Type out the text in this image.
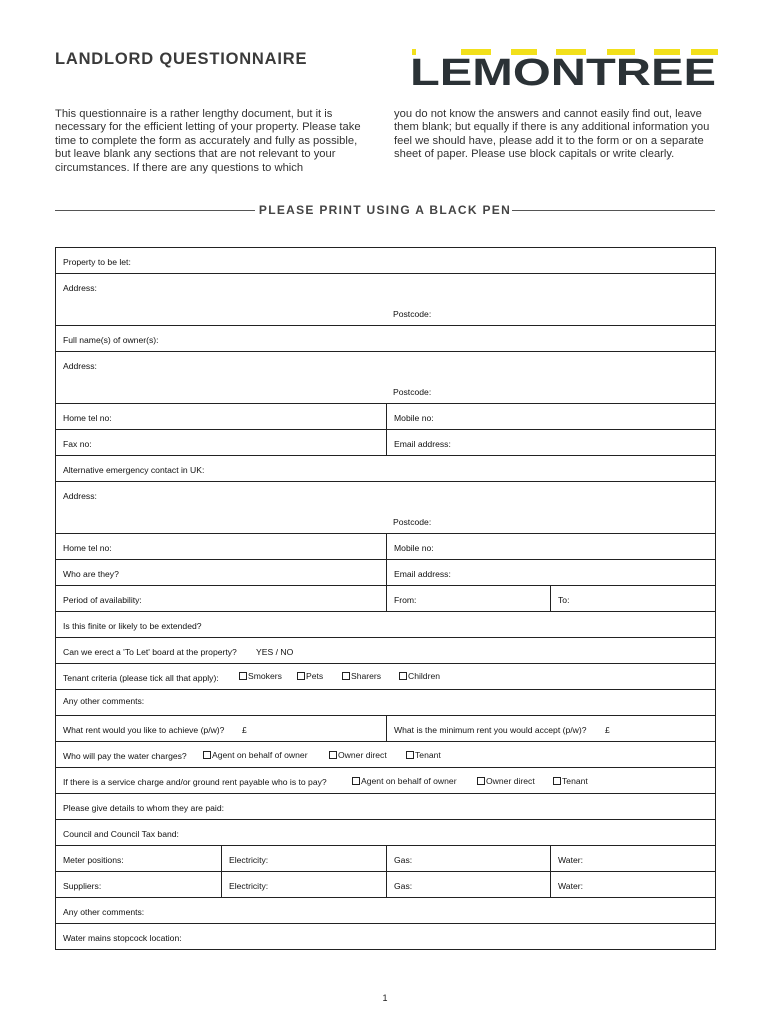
LANDLORD QUESTIONNAIRE	LEMONTREE
This questionnaire is a rather lengthy document, but it is necessary for the efficient letting of your property. Please take time to complete the form as accurately and fully as possible, but leave blank any sections that are not relevant to your circumstances. If there are any questions to which
you do not know the answers and cannot easily find out, leave them blank; but equally if there is any additional information you feel we should have, please add it to the form or on a separate sheet of paper. Please use block capitals or write clearly.
PLEASE PRINT USING A BLACK PEN
Property to be let:
Address:
Postcode:
Full name(s) of owner(s):
Address:
Postcode:
Home tel no:	Mobile no:
Fax no:	Email address:
Alternative emergency contact in UK:
Address:
Postcode:
Home tel no:	Mobile no:
Who are they?	Email address:
Period of availability:	From:	To:
Is this finite or likely to be extended?
Can we erect a 'To Let' board at the property? YES / NO
Tenant criteria (please tick all that apply):	Smokers	Pets	Sharers	Children
Any other comments:
What rent would you like to achieve (p/w)? £	What is the minimum rent you would accept (p/w)? £
Who will pay the water charges?	Agent on behalf of owner	Owner direct	Tenant
If there is a service charge and/or ground rent payable who is to pay?	Agent on behalf of owner	Owner direct	Tenant
Please give details to whom they are paid:
Council and Council Tax band:
Meter positions:	Electricity:	Gas:	Water:
Suppliers:	Electricity:	Gas:	Water:
Any other comments:
Water mains stopcock location:
1
